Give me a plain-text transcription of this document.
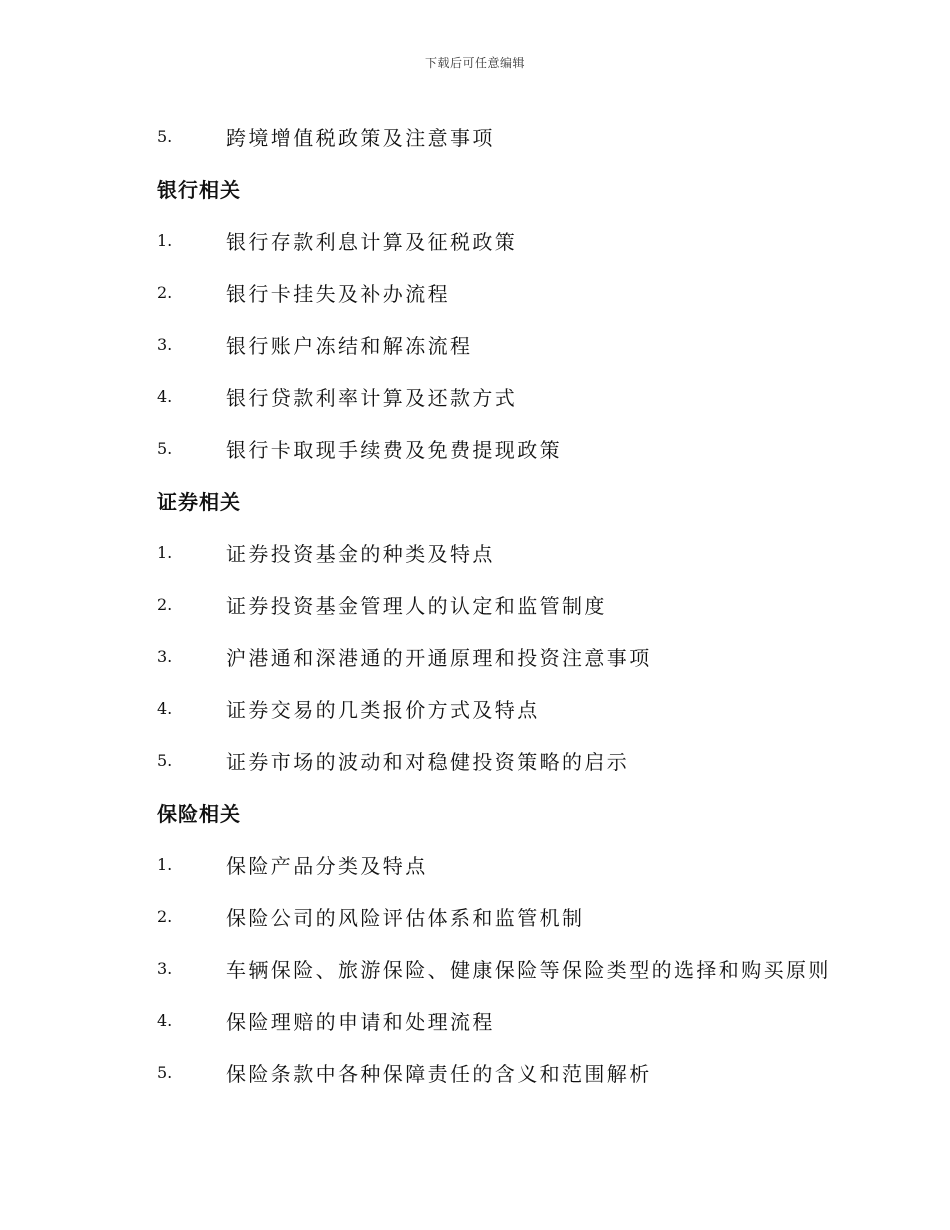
下载后可任意编辑
5.	跨境增值税政策及注意事项
银行相关
1.	银行存款利息计算及征税政策
2.	银行卡挂失及补办流程
3.	银行账户冻结和解冻流程
4.	银行贷款利率计算及还款方式
5.	银行卡取现手续费及免费提现政策
证券相关
1.	证券投资基金的种类及特点
2.	证券投资基金管理人的认定和监管制度
3.	沪港通和深港通的开通原理和投资注意事项
4.	证券交易的几类报价方式及特点
5.	证券市场的波动和对稳健投资策略的启示
保险相关
1.	保险产品分类及特点
2.	保险公司的风险评估体系和监管机制
3.	车辆保险、旅游保险、健康保险等保险类型的选择和购买原则
4.	保险理赔的申请和处理流程
5.	保险条款中各种保障责任的含义和范围解析
